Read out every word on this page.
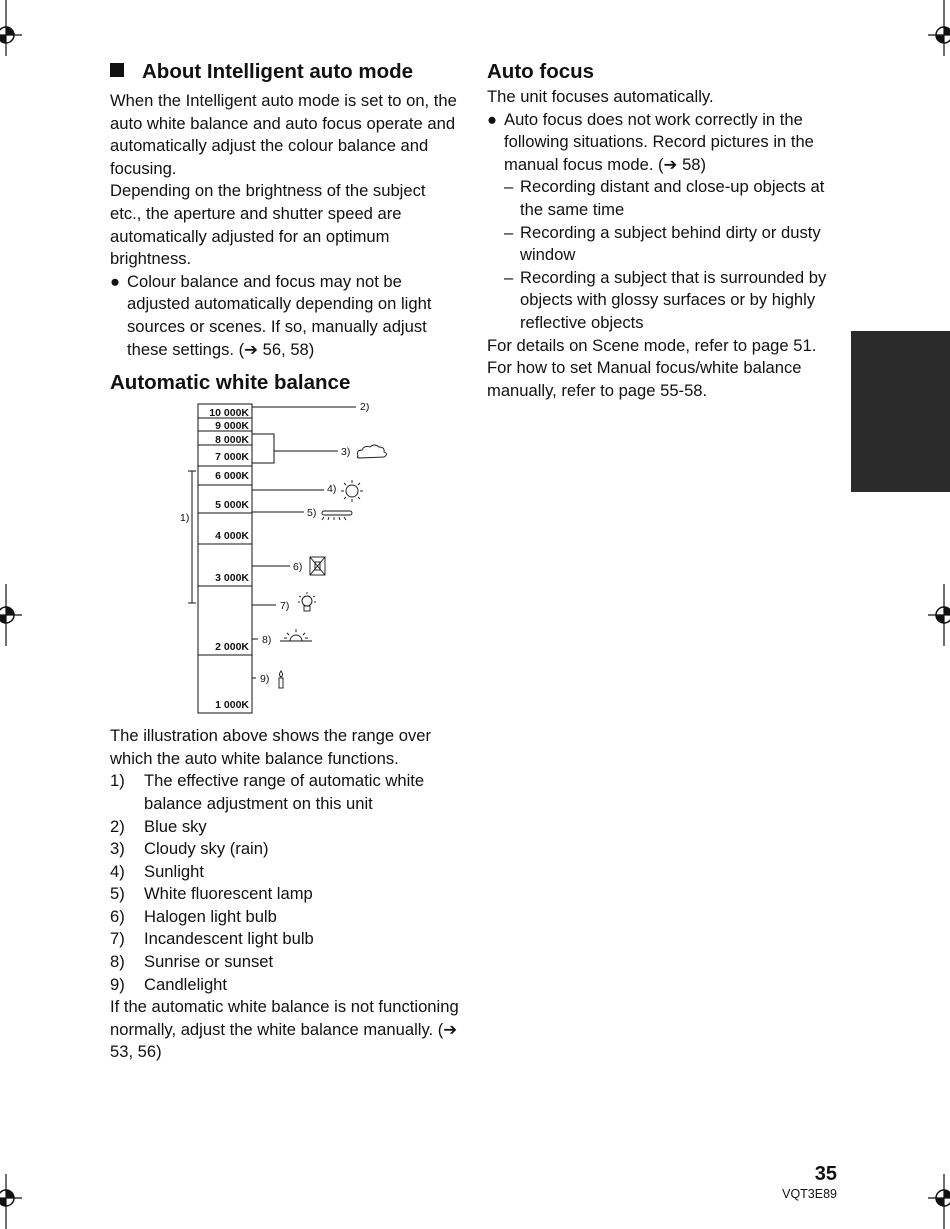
About Intelligent auto mode

When the Intelligent auto mode is set to on, the auto white balance and auto focus operate and automatically adjust the colour balance and focusing.

Depending on the brightness of the subject etc., the aperture and shutter speed are automatically adjusted for an optimum brightness.

● Colour balance and focus may not be adjusted automatically depending on light sources or scenes. If so, manually adjust these settings. (➔ 56, 58)
Automatic white balance
10 000K
9 000K
8 000K
7 000K
6 000K
5 000K
4 000K
3 000K
2 000K
1 000K
1)
2)
3)
4)
5)
6)
7)
8)
9)

The illustration above shows the range over which the auto white balance functions.

1)	The effective range of automatic white balance adjustment on this unit
2)	Blue sky
3)	Cloudy sky (rain)
4)	Sunlight
5)	White fluorescent lamp
6)	Halogen light bulb
7)	Incandescent light bulb
8)	Sunrise or sunset
9)	Candlelight

If the automatic white balance is not functioning normally, adjust the white balance manually. (➔ 53, 56)

Auto focus

The unit focuses automatically.

● Auto focus does not work correctly in the following situations. Record pictures in the manual focus mode. (➔ 58)
– Recording distant and close-up objects at the same time
– Recording a subject behind dirty or dusty window
– Recording a subject that is surrounded by objects with glossy surfaces or by highly reflective objects

For details on Scene mode, refer to page 51.

For how to set Manual focus/white balance manually, refer to page 55-58.

35
VQT3E89
